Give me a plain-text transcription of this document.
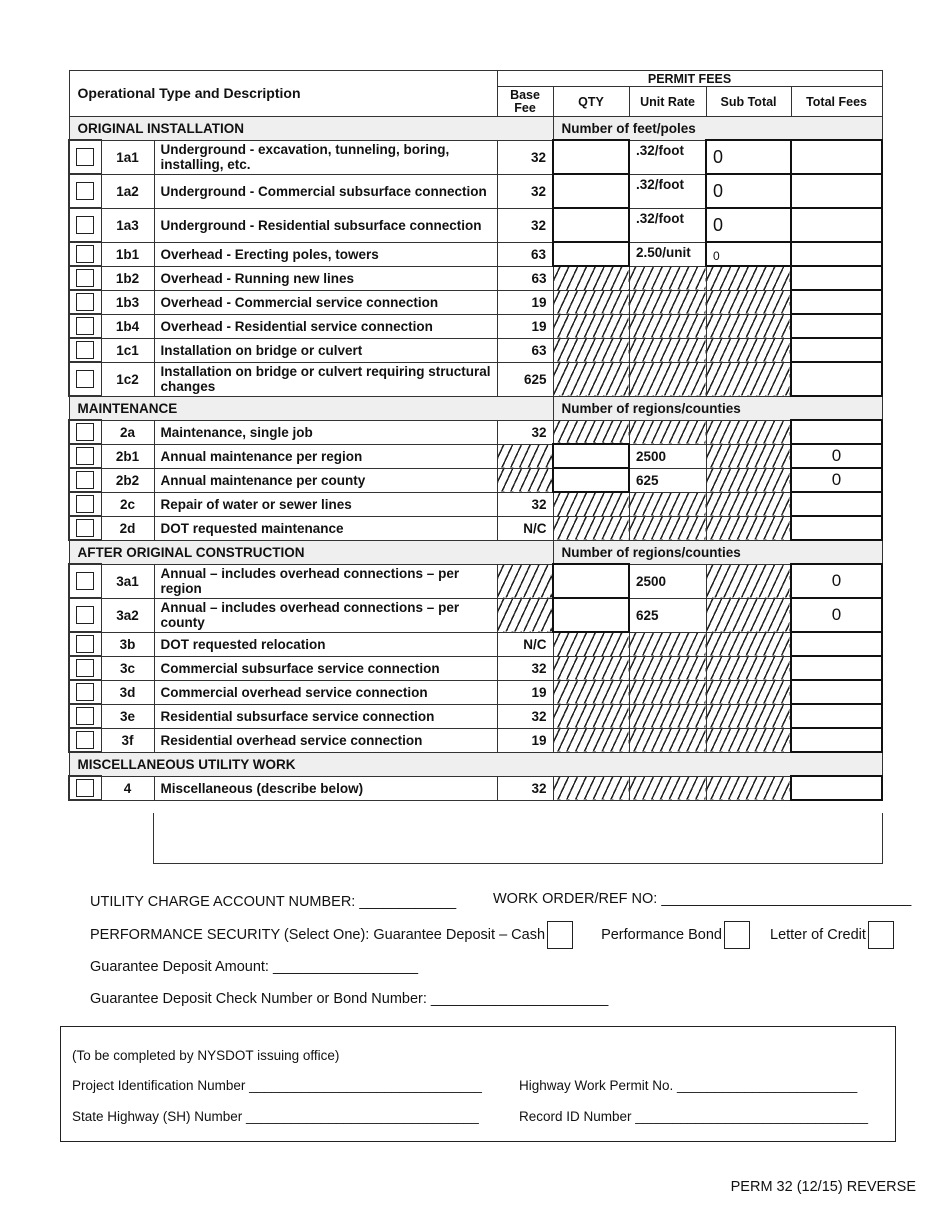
Operational Type and Description			PERMIT FEES				
			Base Fee	QTY	Unit Rate	Sub Total	Total Fees
ORIGINAL INSTALLATION				Number of feet/poles			
	1a1	Underground - excavation, tunneling, boring, installing, etc.	32		.32/foot	0	
	1a2	Underground - Commercial subsurface connection	32		.32/foot	0	
	1a3	Underground - Residential subsurface connection	32		.32/foot	0	
	1b1	Overhead - Erecting poles, towers	63		2.50/unit	0	
	1b2	Overhead - Running new lines	63				
	1b3	Overhead - Commercial service connection	19				
	1b4	Overhead - Residential service connection	19				
	1c1	Installation on bridge or culvert	63				
	1c2	Installation on bridge or culvert requiring structural changes	625				
MAINTENANCE				Number of regions/counties			
	2a	Maintenance, single job	32				
	2b1	Annual maintenance per region			2500		0
	2b2	Annual maintenance per county			625		0
	2c	Repair of water or sewer lines	32				
	2d	DOT requested maintenance	N/C				
AFTER ORIGINAL CONSTRUCTION				Number of regions/counties			
	3a1	Annual – includes overhead connections – per region			2500		0
	3a2	Annual – includes overhead connections – per county			625		0
	3b	DOT requested relocation	N/C				
	3c	Commercial subsurface service connection	32				
	3d	Commercial overhead service connection	19				
	3e	Residential subsurface service connection	32				
	3f	Residential overhead service connection	19				
MISCELLANEOUS UTILITY WORK							
	4	Miscellaneous (describe below)	32				
UTILITY CHARGE ACCOUNT NUMBER: ____________	WORK ORDER/REF NO: _______________________________
PERFORMANCE SECURITY (Select One): Guarantee Deposit – Cash	Performance Bond	Letter of Credit
Guarantee Deposit Amount: __________________
Guarantee Deposit Check Number or Bond Number: ______________________
(To be completed by NYSDOT issuing office)
Project Identification Number _______________________________
State Highway (SH) Number _______________________________
Highway Work Permit No. ________________________
Record ID Number _______________________________
PERM 32 (12/15) REVERSE
